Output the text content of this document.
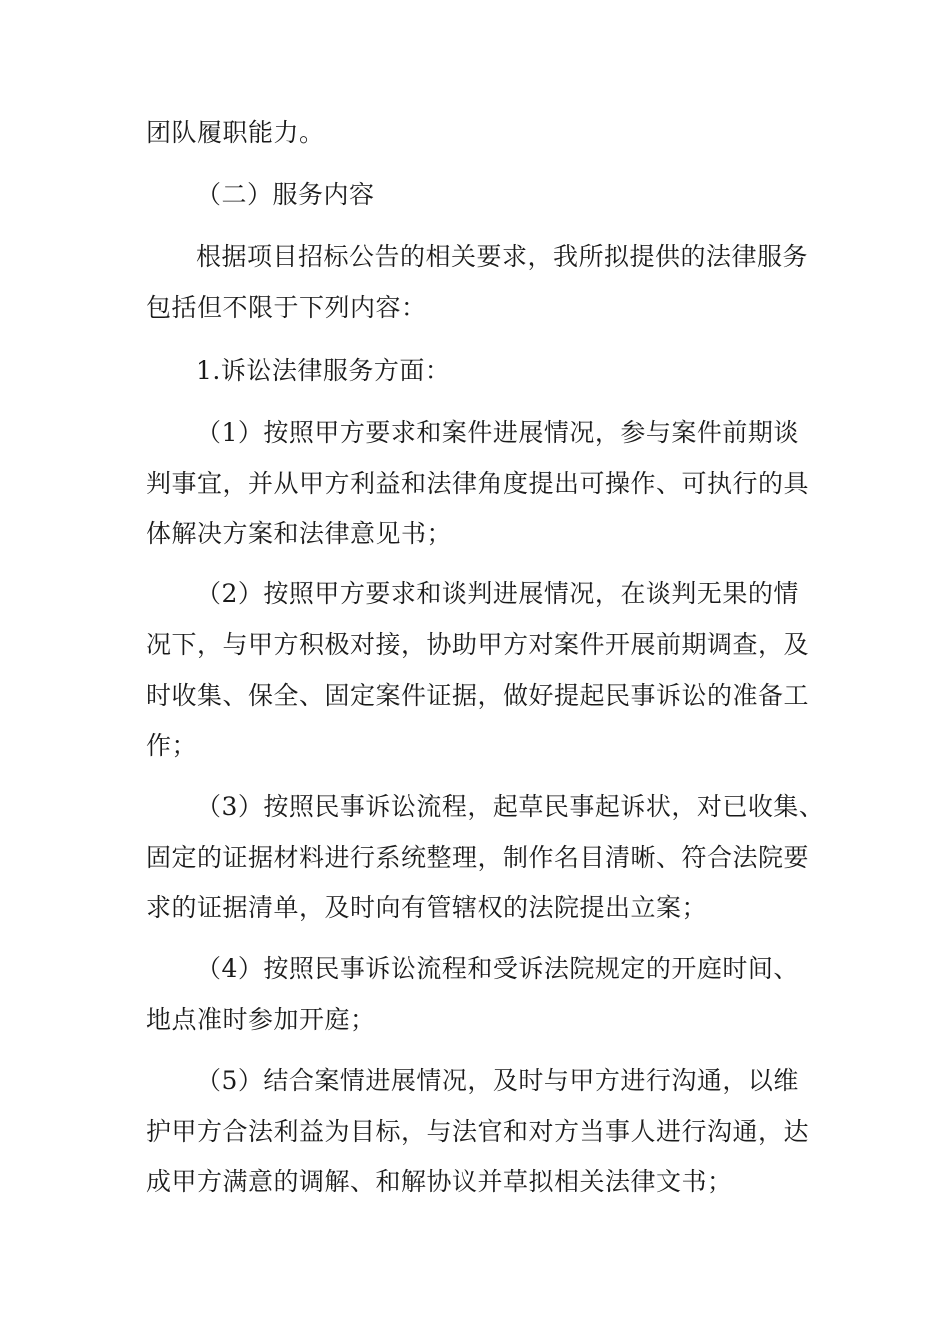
团队履职能力。
（二）服务内容
根据项目招标公告的相关要求，我所拟提供的法律服务
包括但不限于下列内容：
1.诉讼法律服务方面：
（1）按照甲方要求和案件进展情况，参与案件前期谈
判事宜，并从甲方利益和法律角度提出可操作、可执行的具
体解决方案和法律意见书；
（2）按照甲方要求和谈判进展情况，在谈判无果的情
况下，与甲方积极对接，协助甲方对案件开展前期调查，及
时收集、保全、固定案件证据，做好提起民事诉讼的准备工
作；
（3）按照民事诉讼流程，起草民事起诉状，对已收集、
固定的证据材料进行系统整理，制作名目清晰、符合法院要
求的证据清单，及时向有管辖权的法院提出立案；
（4）按照民事诉讼流程和受诉法院规定的开庭时间、
地点准时参加开庭；
（5）结合案情进展情况，及时与甲方进行沟通，以维
护甲方合法利益为目标，与法官和对方当事人进行沟通，达
成甲方满意的调解、和解协议并草拟相关法律文书；
